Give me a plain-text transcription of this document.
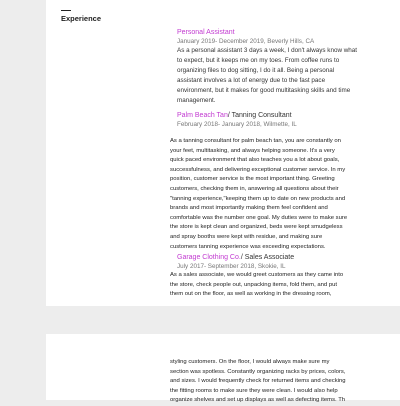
Experience
Personal Assistant
January 2019- December 2019, Beverly Hills, CA

As a personal assistant 3 days a week, I don't always know what
to expect, but it keeps me on my toes. From coffee runs to
organizing files to dog sitting, I do it all. Being a personal
assistant involves a lot of energy due to the fast pace
environment, but it makes for good multitasking skills and time
management.

Palm Beach Tan/ Tanning Consultant
February 2018- January 2018, Wilmette, IL

As a tanning consultant for palm beach tan, you are constantly on
your feet, multitasking, and always helping someone. It's a very
quick paced environment that also teaches you a lot about goals,
successfulness, and delivering exceptional customer service. In my
position, customer service is the most important thing. Greeting
customers, checking them in, answering all questions about their
"tanning experience,"keeping them up to date on new products and
brands and most importantly making them feel confident and
comfortable was the number one goal. My duties were to make sure
the store is kept clean and organized, beds were kept smudgeless
and spray booths were kept with residue, and making sure
customers tanning experience was exceeding expectations.

Garage Clothing Co./ Sales Associate
July 2017- September 2018, Skokie, IL

As a sales associate, we would greet customers as they came into
the store, check people out, unpacking items, fold them, and put
them out on the floor, as well as working in the dressing room,

styling customers. On the floor, I would always make sure my
section was spotless. Constantly organizing racks by prices, colors,
and sizes. I would frequently check for returned items and checking
the fitting rooms to make sure they were clean. I would also help
organize shelves and set up displays as well as defecting items. Th
